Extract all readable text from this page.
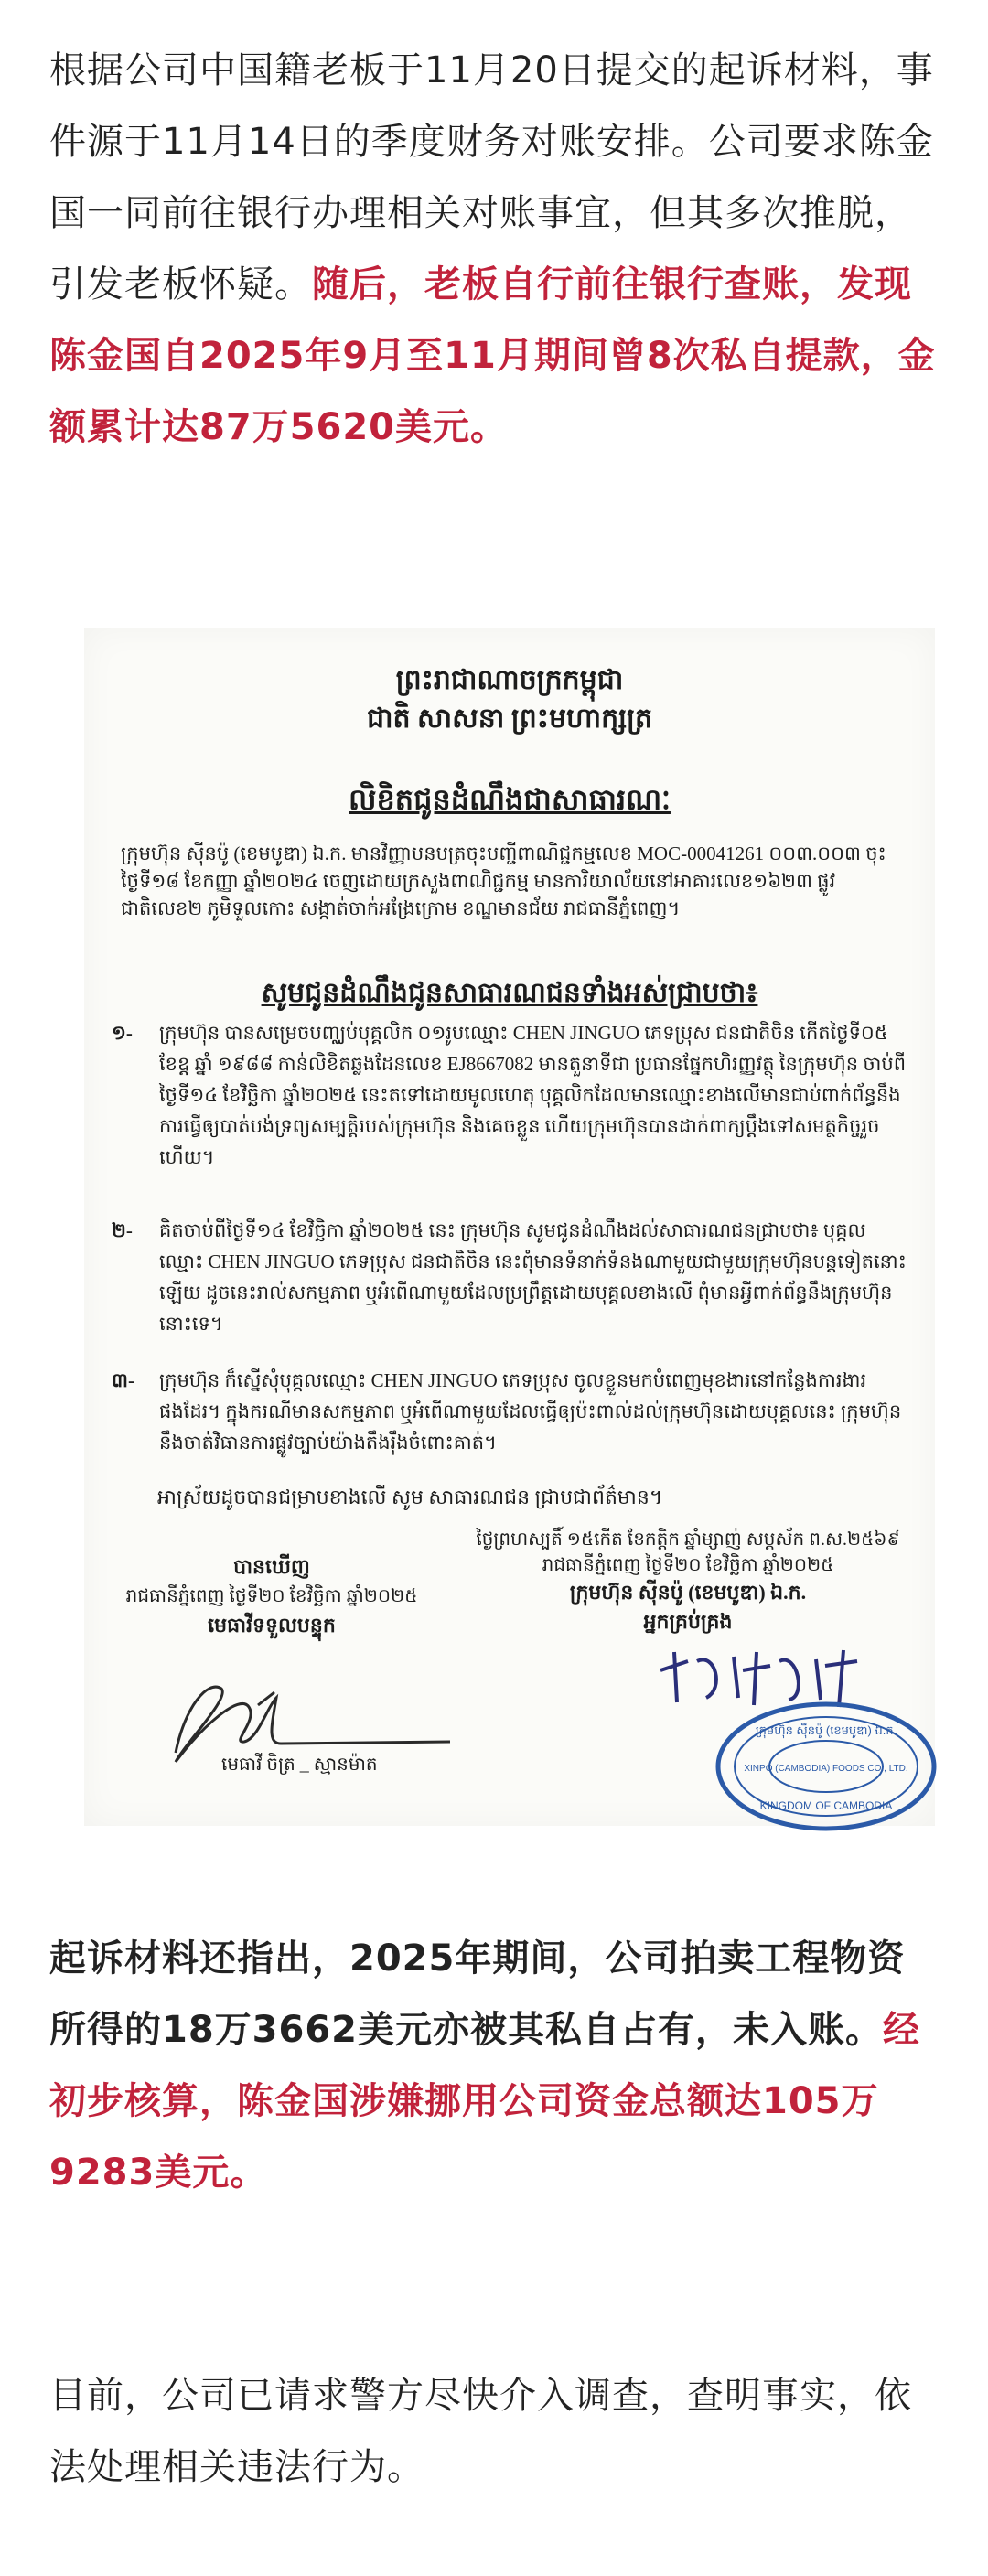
根据公司中国籍老板于11月20日提交的起诉材料，事件源于11月14日的季度财务对账安排。公司要求陈金国一同前往银行办理相关对账事宜，但其多次推脱，引发老板怀疑。随后，老板自行前往银行查账，发现陈金国自2025年9月至11月期间曾8次私自提款，金额累计达87万5620美元。

ព្រះរាជាណាចក្រកម្ពុជា
ជាតិ សាសនា ព្រះមហាក្សត្រ
លិខិតជូនដំណឹងជាសាធារណៈ
ក្រុមហ៊ុន ស៊ីនប៉ូ (ខេមបូឌា) ឯ.ក. មានវិញ្ញាបនបត្រចុះបញ្ជីពាណិជ្ជកម្មលេខ MOC-00041261 ០០៣.០០៣ ចុះថ្ងៃទី១៨ ខែកញ្ញា ឆ្នាំ២០២៤ ចេញដោយក្រសួងពាណិជ្ជកម្ម មានការិយាល័យនៅអាគារលេខ១៦២៣ ផ្លូវជាតិលេខ២ ភូមិទួលកោះ សង្កាត់ចាក់អង្រែក្រោម ខណ្ឌមានជ័យ រាជធានីភ្នំពេញ។
សូមជូនដំណឹងជូនសាធារណជនទាំងអស់ជ្រាបថា៖
១- ក្រុមហ៊ុន បានសម្រេចបញ្ឈប់បុគ្គលិក ០១រូបឈ្មោះ CHEN JINGUO ភេទប្រុស ជនជាតិចិន កើតថ្ងៃទី០៥ ខែឧ្ត ឆ្នាំ ១៩៨៨ កាន់លិខិតឆ្លងដែនលេខ EJ8667082 មានតួនាទីជា ប្រធានផ្នែកហិរញ្ញវត្ថុ នៃក្រុមហ៊ុន ចាប់ពីថ្ងៃទី១៤ ខែវិច្ឆិកា ឆ្នាំ២០២៥ នេះតទៅដោយមូលហេតុ បុគ្គលិកដែលមានឈ្មោះខាងលើមានជាប់ពាក់ព័ន្ធនឹងការធ្វើឲ្យបាត់បង់ទ្រព្យសម្បត្តិរបស់ក្រុមហ៊ុន និងគេចខ្លួន ហើយក្រុមហ៊ុនបានដាក់ពាក្យប្តឹងទៅសមត្ថកិច្ចរួចហើយ។
២- គិតចាប់ពីថ្ងៃទី១៤ ខែវិច្ឆិកា ឆ្នាំ២០២៥ នេះ ក្រុមហ៊ុន សូមជូនដំណឹងដល់សាធារណជនជ្រាបថា៖ បុគ្គលឈ្មោះ CHEN JINGUO ភេទប្រុស ជនជាតិចិន នេះពុំមានទំនាក់ទំនងណាមួយជាមួយក្រុមហ៊ុនបន្តទៀតនោះឡើយ ដូចនេះរាល់សកម្មភាព ឬអំពើណាមួយដែលប្រព្រឹត្តដោយបុគ្គលខាងលើ ពុំមានអ្វីពាក់ព័ន្ធនឹងក្រុមហ៊ុននោះទេ។
៣- ក្រុមហ៊ុន ក៏ស្នើសុំបុគ្គលឈ្មោះ CHEN JINGUO ភេទប្រុស ចូលខ្លួនមកបំពេញមុខងារនៅកន្លែងការងារផងដែរ។ ក្នុងករណីមានសកម្មភាព ឬអំពើណាមួយដែលធ្វើឲ្យប៉ះពាល់ដល់ក្រុមហ៊ុនដោយបុគ្គលនេះ ក្រុមហ៊ុននឹងចាត់វិធានការផ្លូវច្បាប់យ៉ាងតឹងរ៉ឹងចំពោះគាត់។
អាស្រ័យដូចបានជម្រាបខាងលើ សូម សាធារណជន ជ្រាបជាព័ត៌មាន។
ថ្ងៃព្រហស្បតិ៍ ១៥កើត ខែកត្តិក ឆ្នាំម្សាញ់ សប្តស័ក ព.ស.២៥៦៩
រាជធានីភ្នំពេញ ថ្ងៃទី២០ ខែវិច្ឆិកា ឆ្នាំ២០២៥
ក្រុមហ៊ុន ស៊ីនប៉ូ (ខេមបូឌា) ឯ.ក.
អ្នកគ្រប់គ្រង
បានឃើញ
រាជធានីភ្នំពេញ ថ្ងៃទី២០ ខែវិច្ឆិកា ឆ្នាំ២០២៥
មេធាវីទទួលបន្ទុក
មេធាវី ចិត្រ _ ស្មានម៉ាត
ក្រុមហ៊ុន ស៊ីនប៉ូ (ខេមបូឌា) ឯ.ក.
XINPO (CAMBODIA) FOODS CO., LTD.
KINGDOM OF CAMBODIA

起诉材料还指出，2025年期间，公司拍卖工程物资所得的18万3662美元亦被其私自占有，未入账。经初步核算，陈金国涉嫌挪用公司资金总额达105万9283美元。

目前，公司已请求警方尽快介入调查，查明事实，依法处理相关违法行为。
